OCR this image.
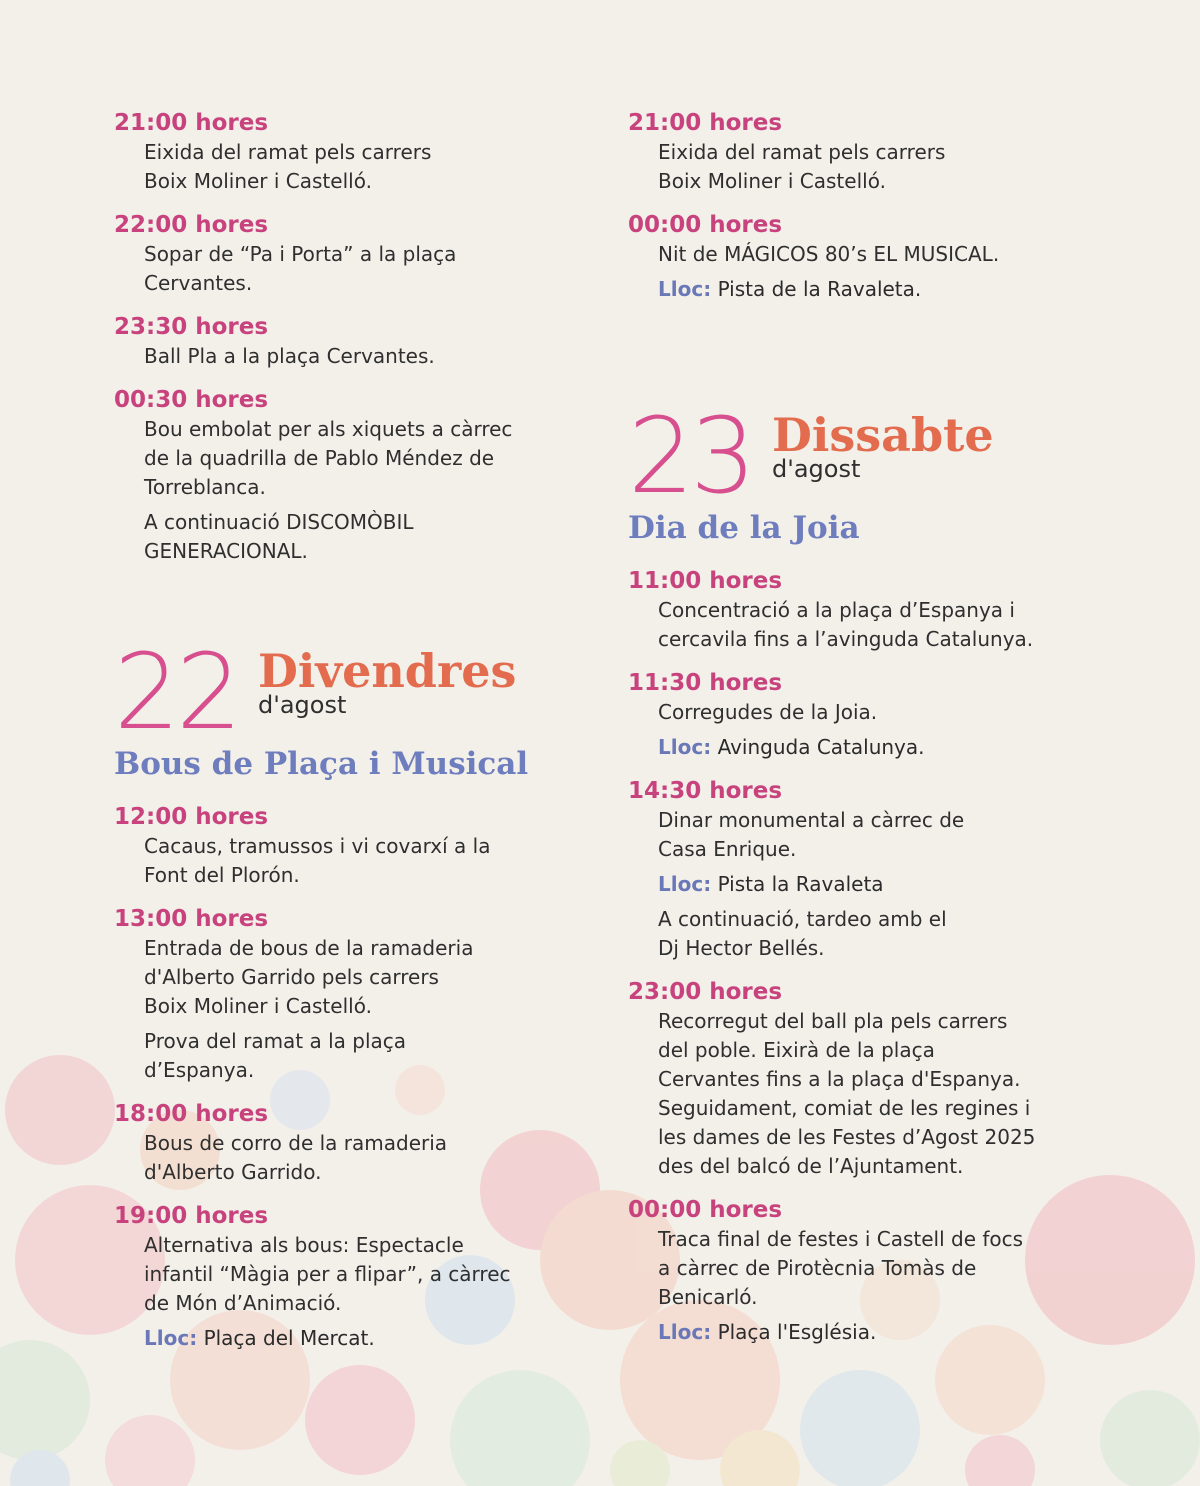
21:00 hores
Eixida del ramat pels carrers
Boix Moliner i Castelló.
22:00 hores
Sopar de “Pa i Porta” a la plaça
Cervantes.
23:30 hores
Ball Pla a la plaça Cervantes.
00:30 hores
Bou embolat per als xiquets a càrrec
de la quadrilla de Pablo Méndez de
Torreblanca.
A continuació DISCOMÒBIL
GENERACIONAL.
22 Divendres
d'agost
Bous de Plaça i Musical
12:00 hores
Cacaus, tramussos i vi covarxí a la
Font del Plorón.
13:00 hores
Entrada de bous de la ramaderia
d'Alberto Garrido pels carrers
Boix Moliner i Castelló.
Prova del ramat a la plaça
d’Espanya.
18:00 hores
Bous de corro de la ramaderia
d'Alberto Garrido.
19:00 hores
Alternativa als bous: Espectacle
infantil “Màgia per a flipar”, a càrrec
de Món d’Animació.
Lloc: Plaça del Mercat.
21:00 hores
Eixida del ramat pels carrers
Boix Moliner i Castelló.
00:00 hores
Nit de MÁGICOS 80’s EL MUSICAL.
Lloc: Pista de la Ravaleta.
23 Dissabte
d'agost
Dia de la Joia
11:00 hores
Concentració a la plaça d’Espanya i
cercavila fins a l’avinguda Catalunya.
11:30 hores
Corregudes de la Joia.
Lloc: Avinguda Catalunya.
14:30 hores
Dinar monumental a càrrec de
Casa Enrique.
Lloc: Pista la Ravaleta
A continuació, tardeo amb el
Dj Hector Bellés.
23:00 hores
Recorregut del ball pla pels carrers
del poble. Eixirà de la plaça
Cervantes fins a la plaça d'Espanya.
Seguidament, comiat de les regines i
les dames de les Festes d’Agost 2025
des del balcó de l’Ajuntament.
00:00 hores
Traca final de festes i Castell de focs
a càrrec de Pirotècnia Tomàs de
Benicarló.
Lloc: Plaça l'Església.
